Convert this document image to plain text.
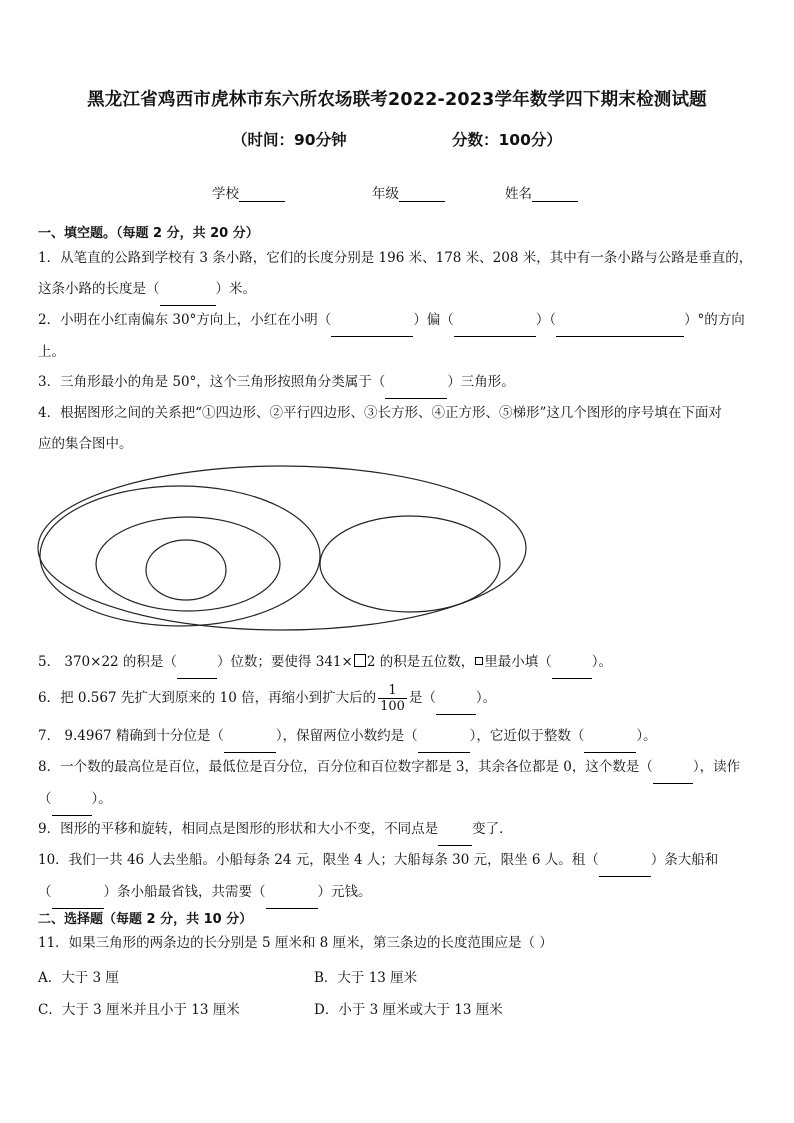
黑龙江省鸡西市虎林市东六所农场联考2022-2023学年数学四下期末检测试题
（时间：90分钟	分数：100分）
学校	年级	姓名
一、填空题。（每题 2 分，共 20 分）
1．从笔直的公路到学校有 3 条小路，它们的长度分别是 196 米、178 米、208 米，其中有一条小路与公路是垂直的，
这条小路的长度是（	）米。
2．小明在小红南偏东 30°方向上，小红在小明（	）偏（	）（	）°的方向
上。
3．三角形最小的角是 50°，这个三角形按照角分类属于（	）三角形。
4．根据图形之间的关系把“①四边形、②平行四边形、③长方形、④正方形、⑤梯形”这几个图形的序号填在下面对
应的集合图中。
5． 370×22 的积是（	）位数；要使得 341× 2 的积是五位数， 里最小填（	）。
6．把 0.567 先扩大到原来的 10 倍，再缩小到扩大后的 $\frac{1}{100}$ 是（	）。
7． 9.4967 精确到十分位是（	），保留两位小数约是（	），它近似于整数（	）。
8．一个数的最高位是百位，最低位是百分位，百分位和百位数字都是 3，其余各位都是 0，这个数是（	），读作
（	）。
9．图形的平移和旋转，相同点是图形的形状和大小不变，不同点是	变了．
10．我们一共 46 人去坐船。小船每条 24 元，限坐 4 人；大船每条 30 元，限坐 6 人。租（	）条大船和
（	）条小船最省钱，共需要（	）元钱。
二、选择题（每题 2 分，共 10 分）
11．如果三角形的两条边的长分别是 5 厘米和 8 厘米，第三条边的长度范围应是（ ）
A．大于 3 厘	B．大于 13 厘米
C．大于 3 厘米并且小于 13 厘米	D．小于 3 厘米或大于 13 厘米
